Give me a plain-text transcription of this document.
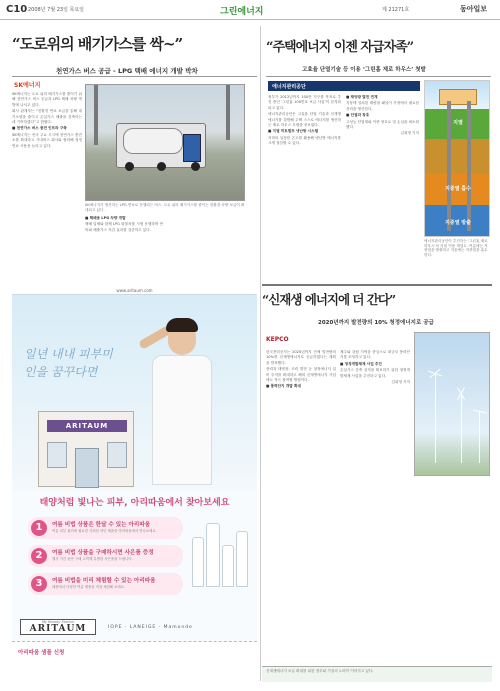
C10 2008년 7월 23일 목요일	그린에너지	제 21271호	동아일보
“도로위의 배기가스를 싹~”
천연가스 버스 공급 - LPG 택배 에너지 개발 박차
SK에너지

SK에너지는 도로 위의 배기가스를 줄이기 위해 천연가스 버스 공급과 LPG 택배 차량 개발에 나서고 있다.

회사 관계자는 “친환경 연료 보급을 통해 대기오염을 줄이고 온실가스 배출을 감축하는 데 기여하겠다”고 밝혔다.

■ 천연가스 버스 충전 인프라 구축

SK에너지는 전국 주요 도시에 천연가스 충전소를 확대하고 시내버스 회사와 협력해 청정 연료 사용을 늘리고 있다.

SK에너지가 생산하는 LPG 연료로 운행되는 버스. 도로 위의 배기가스를 줄이는 친환경 차량 보급이 확대되고 있다.

■ 택배용 LPG 차량 개발

택배 업체와 함께 LPG 화물차를 시범 운행하며 연비와 배출가스 저감 효과를 검증하고 있다.

www.aritaum.com
일년 내내 피부미인을 꿈꾸다면
ARITAUM
태양처럼 빛나는 피부, 아리따움에서 찾아보세요
1	여름 비법 상품은 한달 수 있는 아리따움
여름 피부 관리에 필요한 자외선 차단 제품을 아리따움에서 만나보세요.
2	여름 비법 상품을 구매하시면 사은품 증정
행사 기간 동안 구매 고객께 특별한 사은품을 드립니다.
3	여름 비법을 미리 체험할 수 있는 아리따움
매장에서 다양한 여름 제품을 직접 체험해 보세요.
My Beauty Station
ARITAUM	IOPE · LANEIGE · Mamonde
아리따움 샘플 신청
“주택에너지 이젠 자급자족”
고효율 단열기술 등 이용 ‘그린홈 제로 하우스’ 첫발
에너지관리공단

정부가 2012년까지 100만 가구를 목표로 추진 중인 ‘그린홈 100만호 보급 사업’이 본격화되고 있다.

에너지관리공단은 고효율 단열 기술과 신재생에너지를 결합해 주택 스스로 에너지를 생산하는 제로 하우스 모델을 선보였다.

■ 지열 히트펌프 냉난방 시스템

지하의 일정한 온도를 활용해 냉난방 에너지를 크게 절감할 수 있다.

■ 태양광 발전 연계

지붕에 설치된 태양광 패널이 가정에서 필요한 전력을 생산한다.

■ 단열과 창호

고성능 단열재와 이중 창호로 열 손실을 최소화했다.

김희영 기자

지열
지중열 흡수
지중열 방출
에너지관리공단이 추진하는 ‘그린홈 제로 하우스’의 지열 이용 개념도. 여름에는 지중열을 방출하고 겨울에는 지중열을 흡수한다.
“신재생 에너지에 더 간다”
2020년까지 발전량의 10% 청정에너지로 공급
KEPCO

한국전력공사는 2020년까지 전체 발전량의 10%를 신재생에너지로 공급하겠다는 계획을 발표했다.

풍력과 태양광, 조력 발전 등 청정에너지 설비 투자를 확대하고 해외 신재생에너지 사업에도 적극 참여할 방침이다.

■ 풍력단지 개발 확대

제주와 강원 지역을 중심으로 대규모 풍력단지를 조성하고 있다.

■ 청정개발체제 사업 추진

온실가스 감축 실적을 확보하기 위한 청정개발체제 사업을 추진하고 있다.

김희영 기자

신재생에너지 보급 확대를 위한 정부와 기업의 노력이 이어지고 있다.
